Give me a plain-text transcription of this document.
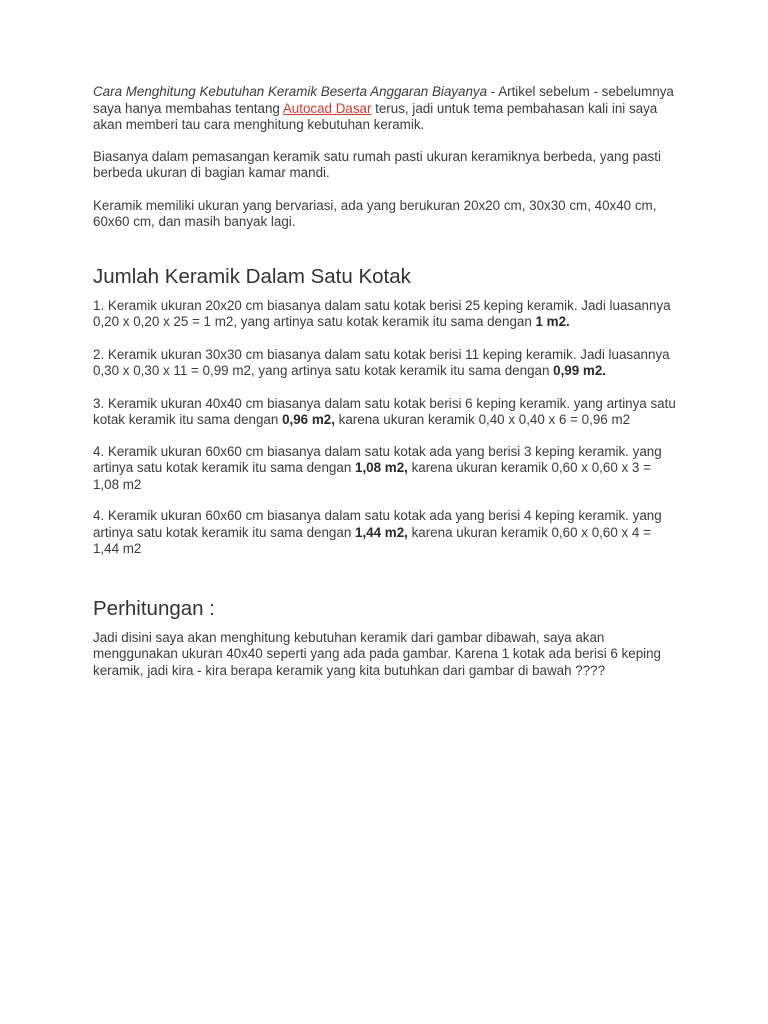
Cara Menghitung Kebutuhan Keramik Beserta Anggaran Biayanya - Artikel sebelum - sebelumnya saya hanya membahas tentang Autocad Dasar terus, jadi untuk tema pembahasan kali ini saya akan memberi tau cara menghitung kebutuhan keramik.

Biasanya dalam pemasangan keramik satu rumah pasti ukuran keramiknya berbeda, yang pasti berbeda ukuran di bagian kamar mandi.

Keramik memiliki ukuran yang bervariasi, ada yang berukuran 20x20 cm, 30x30 cm, 40x40 cm, 60x60 cm, dan masih banyak lagi.

Jumlah Keramik Dalam Satu Kotak

1. Keramik ukuran 20x20 cm biasanya dalam satu kotak berisi 25 keping keramik. Jadi luasannya 0,20 x 0,20 x 25 = 1 m2, yang artinya satu kotak keramik itu sama dengan 1 m2.

2. Keramik ukuran 30x30 cm biasanya dalam satu kotak berisi 11 keping keramik. Jadi luasannya 0,30 x 0,30 x 11 = 0,99 m2, yang artinya satu kotak keramik itu sama dengan 0,99 m2.

3. Keramik ukuran 40x40 cm biasanya dalam satu kotak berisi 6 keping keramik. yang artinya satu kotak keramik itu sama dengan 0,96 m2, karena ukuran keramik 0,40 x 0,40 x 6 = 0,96 m2

4. Keramik ukuran 60x60 cm biasanya dalam satu kotak ada yang berisi 3 keping keramik. yang artinya satu kotak keramik itu sama dengan 1,08 m2, karena ukuran keramik 0,60 x 0,60 x 3 = 1,08 m2

4. Keramik ukuran 60x60 cm biasanya dalam satu kotak ada yang berisi 4 keping keramik. yang artinya satu kotak keramik itu sama dengan 1,44 m2, karena ukuran keramik 0,60 x 0,60 x 4 = 1,44 m2

Perhitungan :

Jadi disini saya akan menghitung kebutuhan keramik dari gambar dibawah, saya akan menggunakan ukuran 40x40 seperti yang ada pada gambar. Karena 1 kotak ada berisi 6 keping keramik, jadi kira - kira berapa keramik yang kita butuhkan dari gambar di bawah ????
